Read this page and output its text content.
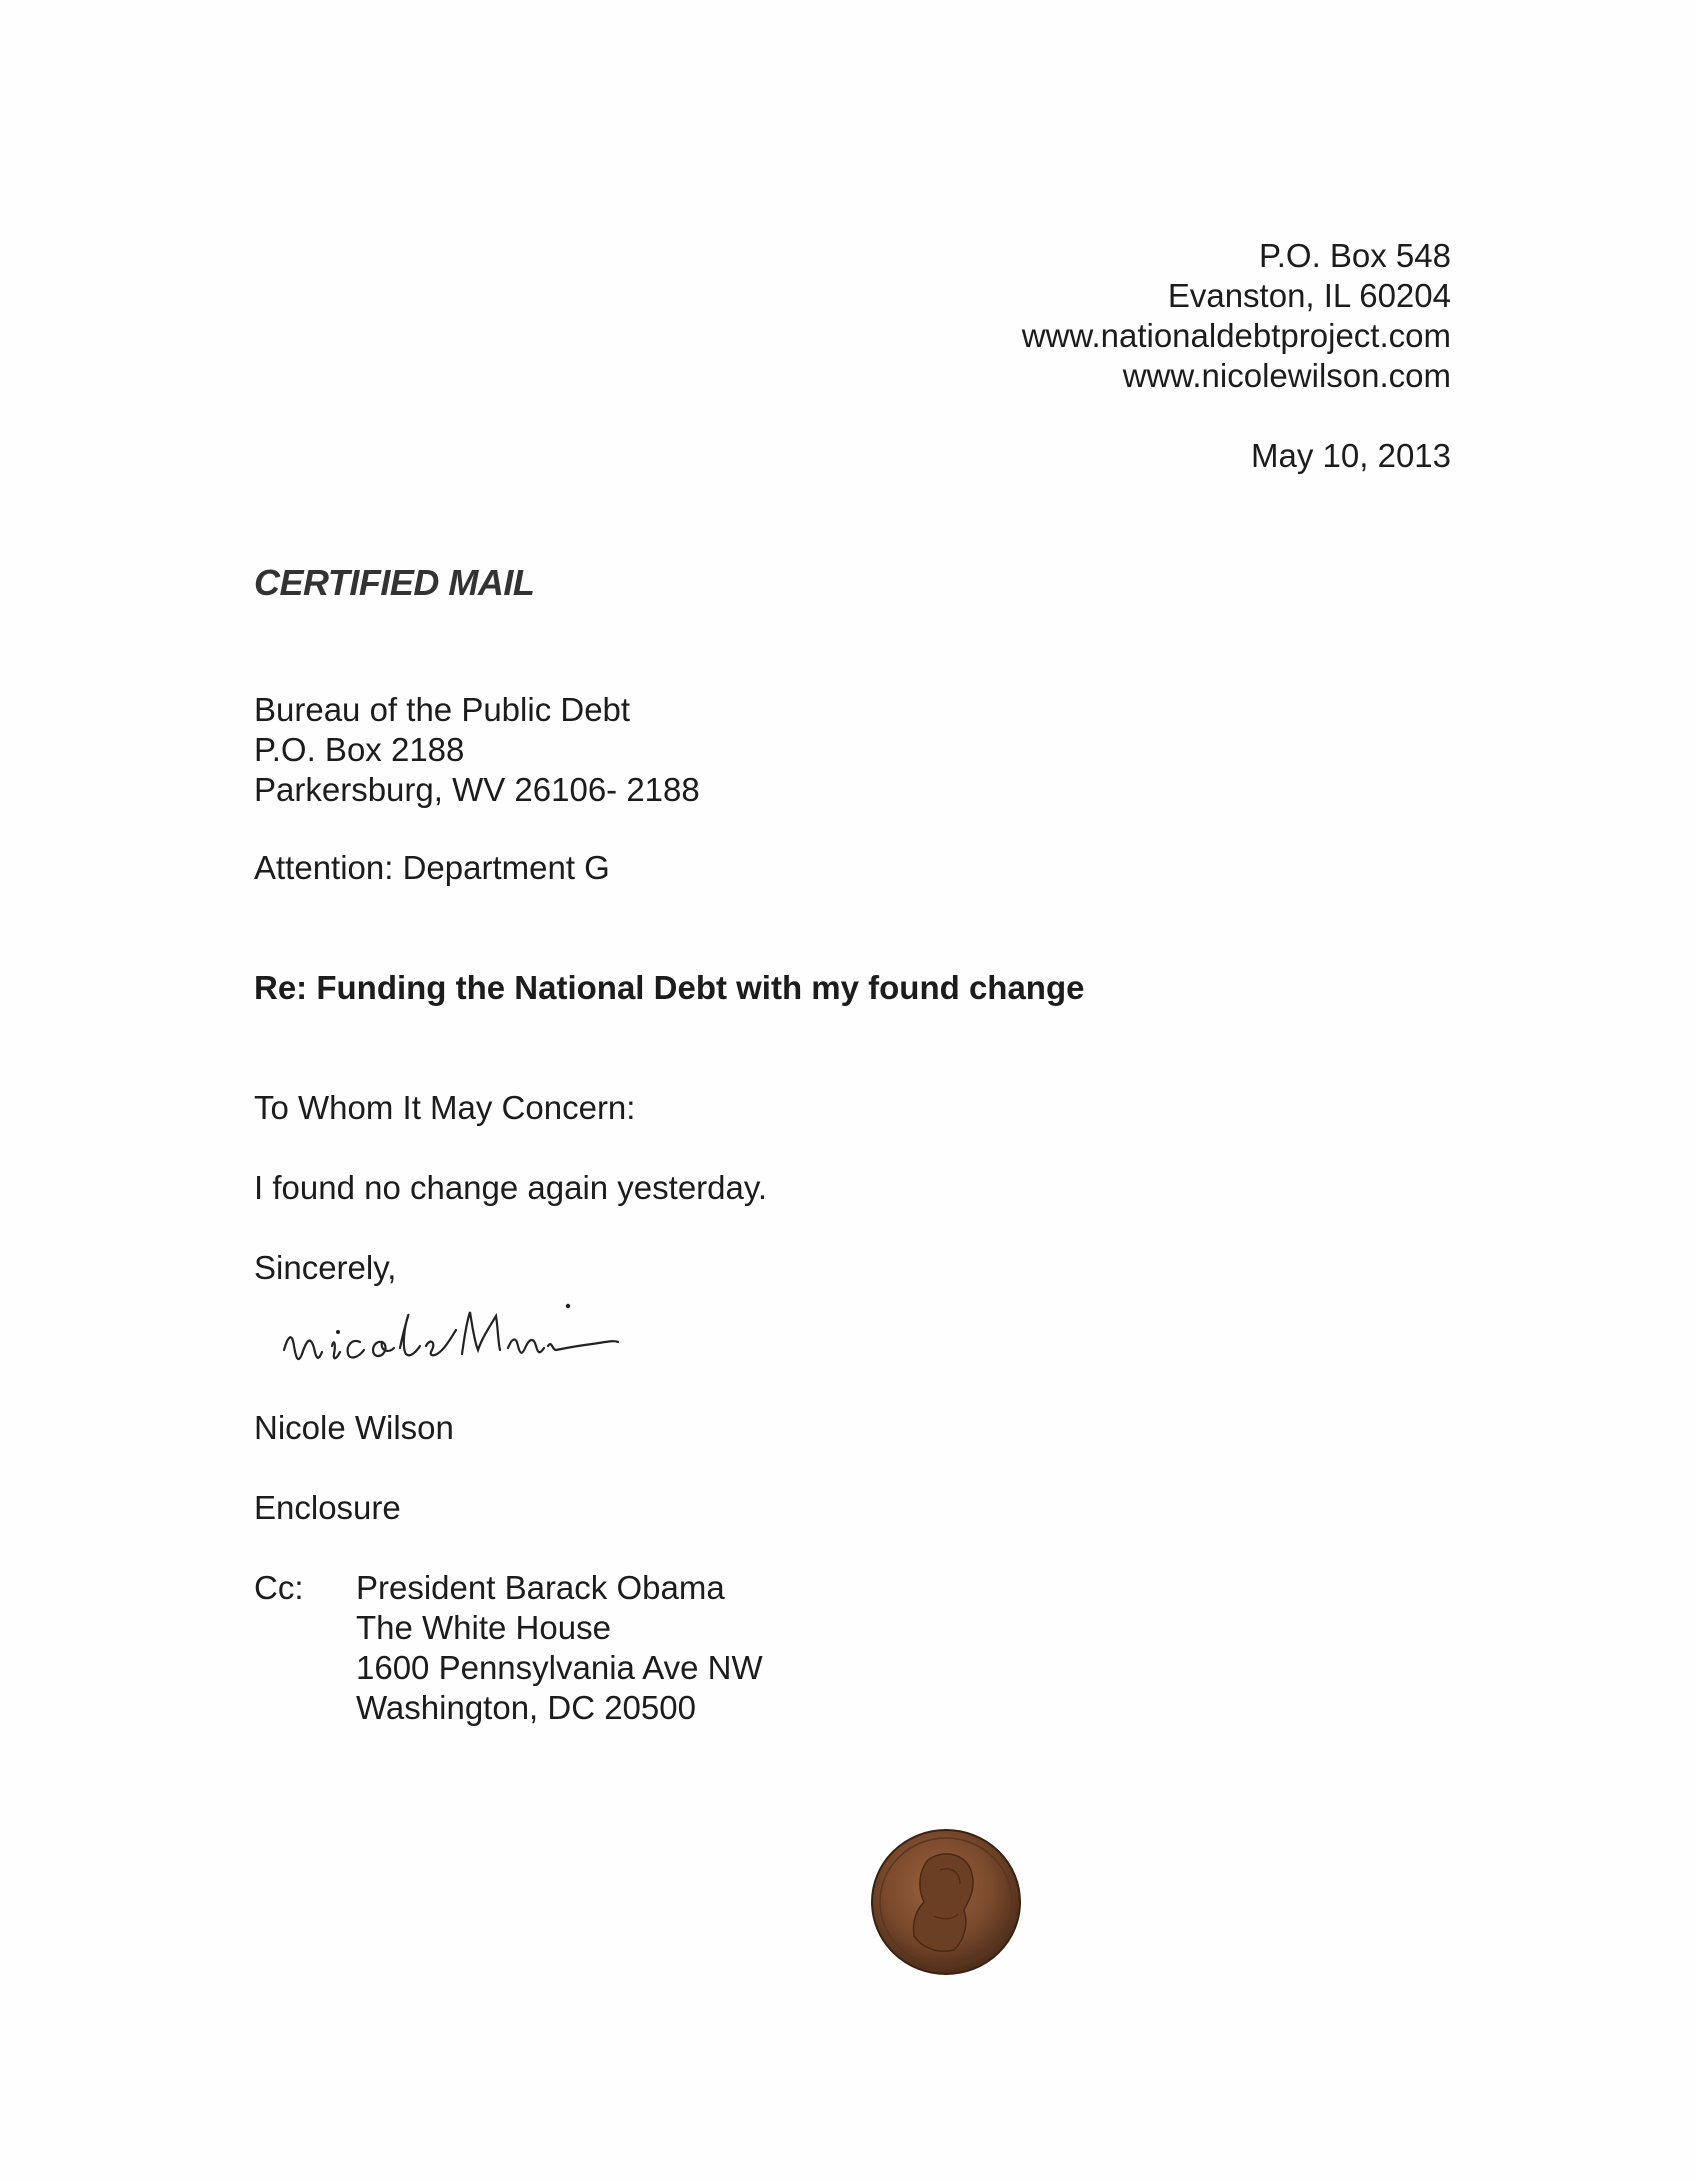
P.O. Box 548
Evanston, IL 60204
www.nationaldebtproject.com
www.nicolewilson.com
May 10, 2013
CERTIFIED MAIL
Bureau of the Public Debt
P.O. Box 2188
Parkersburg, WV 26106- 2188
Attention: Department G
Re: Funding the National Debt with my found change
To Whom It May Concern:
I found no change again yesterday.
Sincerely,
Nicole Wilson
Enclosure
Cc: President Barack Obama
The White House
1600 Pennsylvania Ave NW
Washington, DC 20500
